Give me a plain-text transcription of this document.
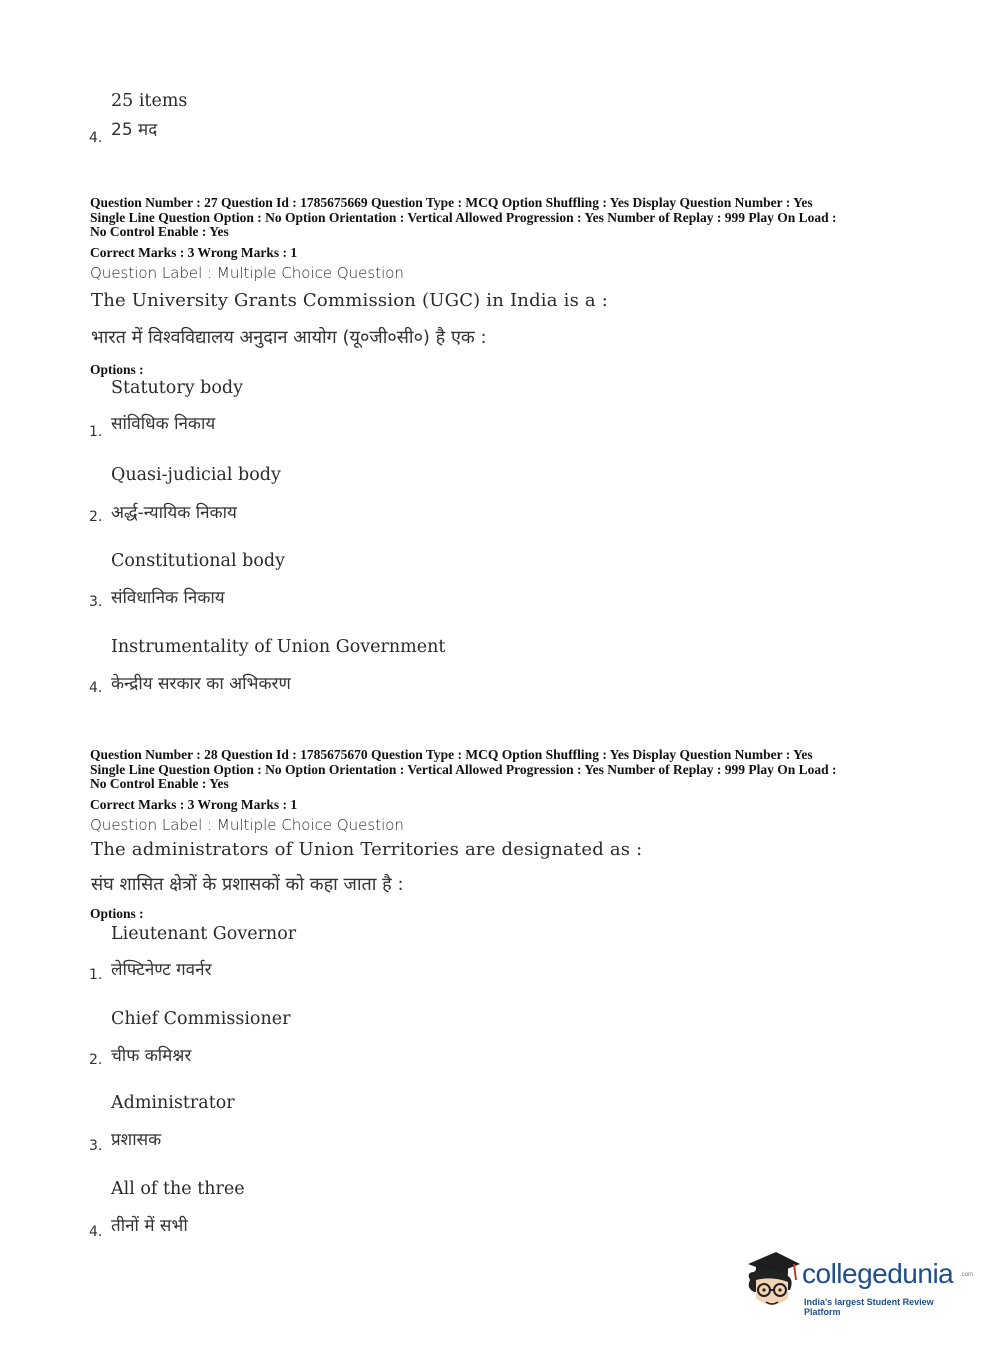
25 items
4. 25 मद
Question Number : 27 Question Id : 1785675669 Question Type : MCQ Option Shuffling : Yes Display Question Number : Yes
Single Line Question Option : No Option Orientation : Vertical Allowed Progression : Yes Number of Replay : 999 Play On Load :
No Control Enable : Yes
Correct Marks : 3 Wrong Marks : 1
Question Label : Multiple Choice Question
The University Grants Commission (UGC) in India is a :
भारत में विश्वविद्यालय अनुदान आयोग (यू०जी०सी०) है एक :
Options :
Statutory body
सांविधिक निकाय
1.
Quasi-judicial body
अर्द्ध-न्यायिक निकाय
2.
Constitutional body
संविधानिक निकाय
3.
Instrumentality of Union Government
केन्द्रीय सरकार का अभिकरण
4.
Question Number : 28 Question Id : 1785675670 Question Type : MCQ Option Shuffling : Yes Display Question Number : Yes
Single Line Question Option : No Option Orientation : Vertical Allowed Progression : Yes Number of Replay : 999 Play On Load :
No Control Enable : Yes
Correct Marks : 3 Wrong Marks : 1
Question Label : Multiple Choice Question
The administrators of Union Territories are designated as :
संघ शासित क्षेत्रों के प्रशासकों को कहा जाता है :
Options :
Lieutenant Governor
लेफ्टिनेण्ट गवर्नर
1.
Chief Commissioner
चीफ कमिश्नर
2.
Administrator
प्रशासक
3.
All of the three
तीनों में सभी
4.
collegedunia .com
India's largest Student Review Platform
